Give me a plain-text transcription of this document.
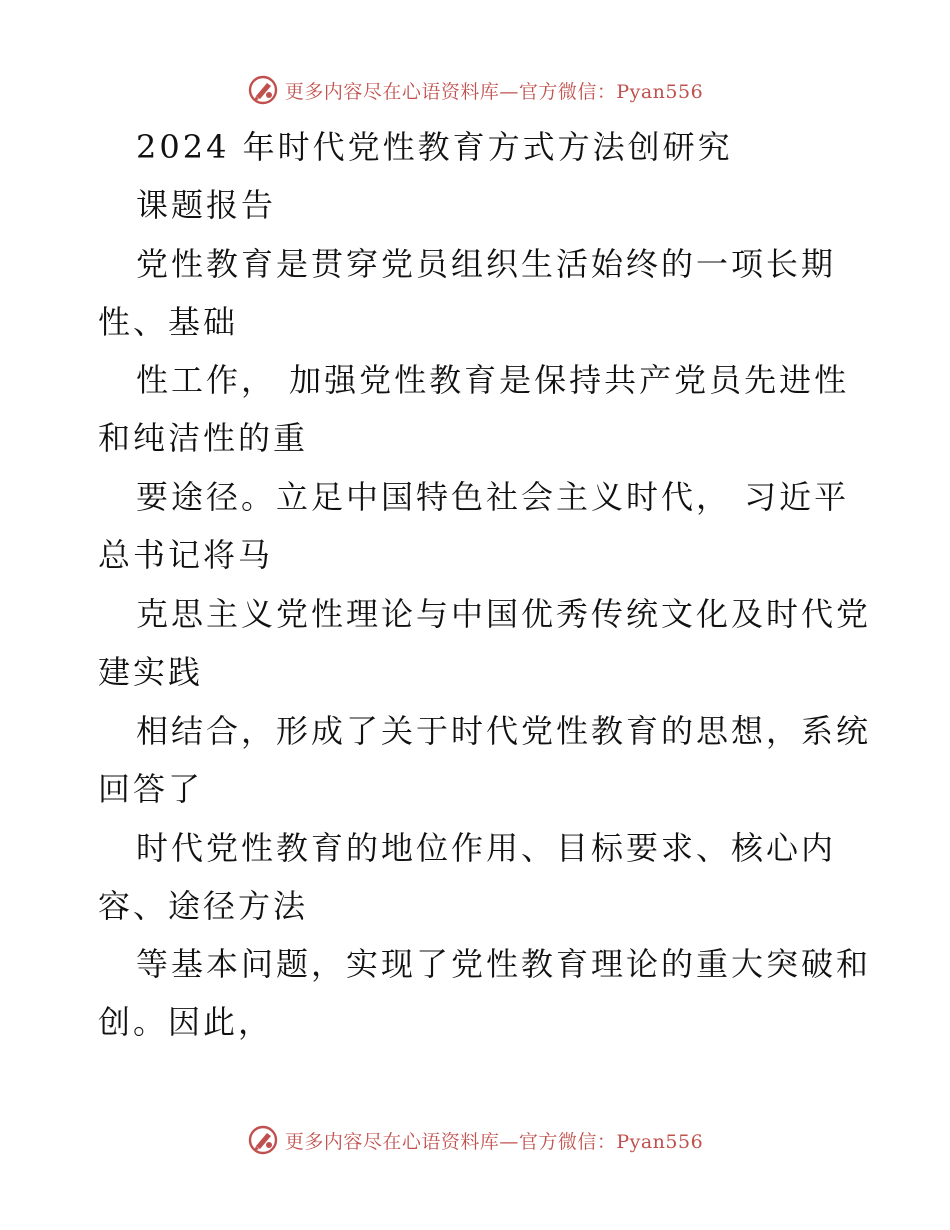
更多内容尽在心语资料库—官方微信：Pyan556
2024 年时代党性教育方式方法创研究
课题报告
党性教育是贯穿党员组织生活始终的一项长期
性、基础
性工作， 加强党性教育是保持共产党员先进性
和纯洁性的重
要途径。立足中国特色社会主义时代， 习近平
总书记将马
克思主义党性理论与中国优秀传统文化及时代党
建实践
相结合，形成了关于时代党性教育的思想，系统
回答了
时代党性教育的地位作用、目标要求、核心内
容、途径方法
等基本问题，实现了党性教育理论的重大突破和
创。因此，
更多内容尽在心语资料库—官方微信：Pyan556
